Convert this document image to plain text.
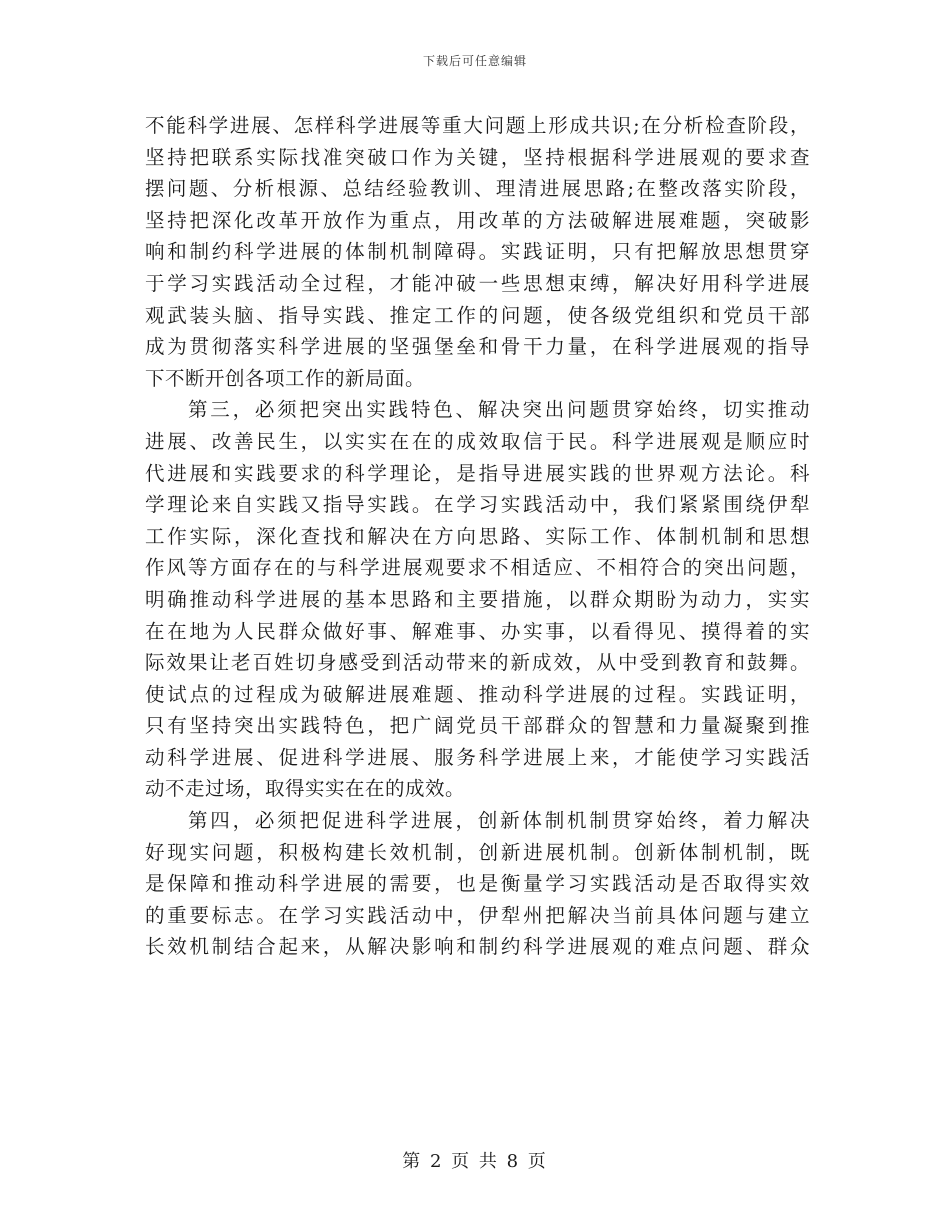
下载后可任意编辑
不能科学进展、怎样科学进展等重大问题上形成共识;在分析检查阶段，
坚持把联系实际找准突破口作为关键，坚持根据科学进展观的要求查
摆问题、分析根源、总结经验教训、理清进展思路;在整改落实阶段，
坚持把深化改革开放作为重点，用改革的方法破解进展难题，突破影
响和制约科学进展的体制机制障碍。实践证明，只有把解放思想贯穿
于学习实践活动全过程，才能冲破一些思想束缚，解决好用科学进展
观武装头脑、指导实践、推定工作的问题，使各级党组织和党员干部
成为贯彻落实科学进展的坚强堡垒和骨干力量，在科学进展观的指导
下不断开创各项工作的新局面。
第三，必须把突出实践特色、解决突出问题贯穿始终，切实推动
进展、改善民生，以实实在在的成效取信于民。科学进展观是顺应时
代进展和实践要求的科学理论，是指导进展实践的世界观方法论。科
学理论来自实践又指导实践。在学习实践活动中，我们紧紧围绕伊犁
工作实际，深化查找和解决在方向思路、实际工作、体制机制和思想
作风等方面存在的与科学进展观要求不相适应、不相符合的突出问题，
明确推动科学进展的基本思路和主要措施，以群众期盼为动力，实实
在在地为人民群众做好事、解难事、办实事，以看得见、摸得着的实
际效果让老百姓切身感受到活动带来的新成效，从中受到教育和鼓舞。
使试点的过程成为破解进展难题、推动科学进展的过程。实践证明，
只有坚持突出实践特色，把广阔党员干部群众的智慧和力量凝聚到推
动科学进展、促进科学进展、服务科学进展上来，才能使学习实践活
动不走过场，取得实实在在的成效。
第四，必须把促进科学进展，创新体制机制贯穿始终，着力解决
好现实问题，积极构建长效机制，创新进展机制。创新体制机制，既
是保障和推动科学进展的需要，也是衡量学习实践活动是否取得实效
的重要标志。在学习实践活动中，伊犁州把解决当前具体问题与建立
长效机制结合起来，从解决影响和制约科学进展观的难点问题、群众
第 2 页 共 8 页
